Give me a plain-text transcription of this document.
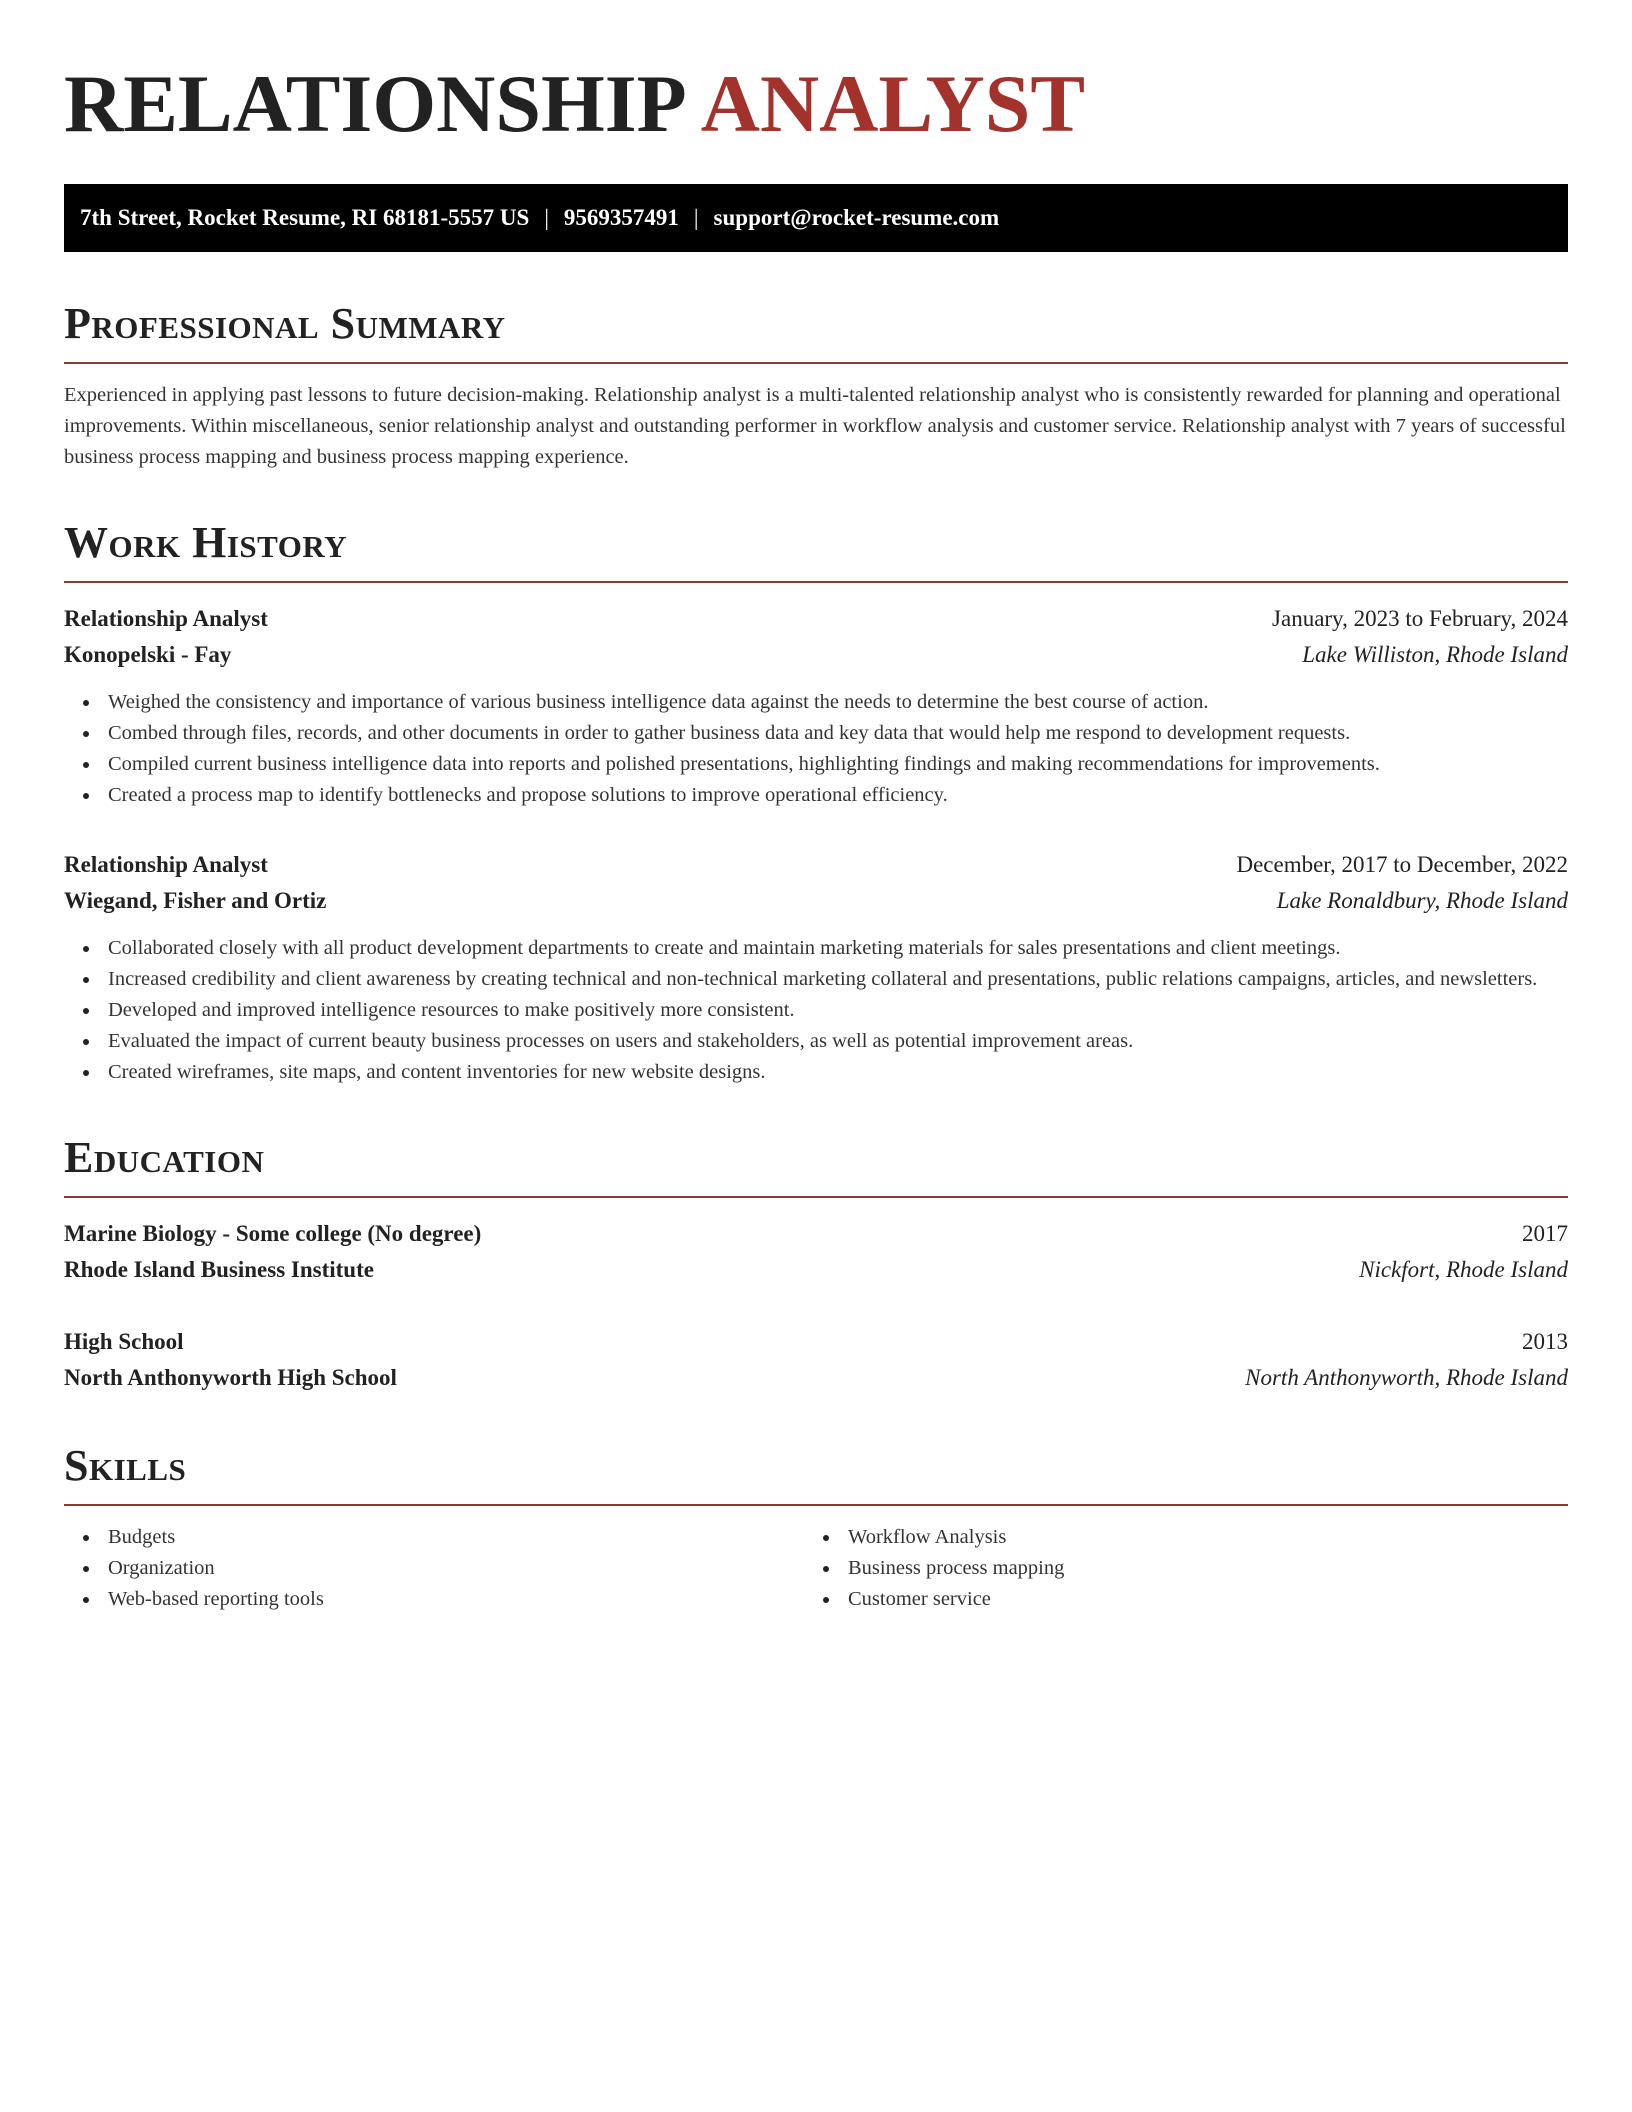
RELATIONSHIP ANALYST
7th Street, Rocket Resume, RI 68181-5557 US | 9569357491 | support@rocket-resume.com
Professional Summary

Experienced in applying past lessons to future decision-making. Relationship analyst is a multi-talented relationship analyst who is consistently rewarded for planning and operational improvements. Within miscellaneous, senior relationship analyst and outstanding performer in workflow analysis and customer service. Relationship analyst with 7 years of successful business process mapping and business process mapping experience.

Work History
Relationship Analyst	January, 2023 to February, 2024
Konopelski - Fay	Lake Williston, Rhode Island
Weighed the consistency and importance of various business intelligence data against the needs to determine the best course of action.
Combed through files, records, and other documents in order to gather business data and key data that would help me respond to development requests.
Compiled current business intelligence data into reports and polished presentations, highlighting findings and making recommendations for improvements.
Created a process map to identify bottlenecks and propose solutions to improve operational efficiency.
Relationship Analyst	December, 2017 to December, 2022
Wiegand, Fisher and Ortiz	Lake Ronaldbury, Rhode Island
Collaborated closely with all product development departments to create and maintain marketing materials for sales presentations and client meetings.
Increased credibility and client awareness by creating technical and non-technical marketing collateral and presentations, public relations campaigns, articles, and newsletters.
Developed and improved intelligence resources to make positively more consistent.
Evaluated the impact of current beauty business processes on users and stakeholders, as well as potential improvement areas.
Created wireframes, site maps, and content inventories for new website designs.
Education
Marine Biology - Some college (No degree)	2017
Rhode Island Business Institute	Nickfort, Rhode Island
High School	2013
North Anthonyworth High School	North Anthonyworth, Rhode Island
Skills
Budgets
Organization
Web-based reporting tools
Workflow Analysis
Business process mapping
Customer service
